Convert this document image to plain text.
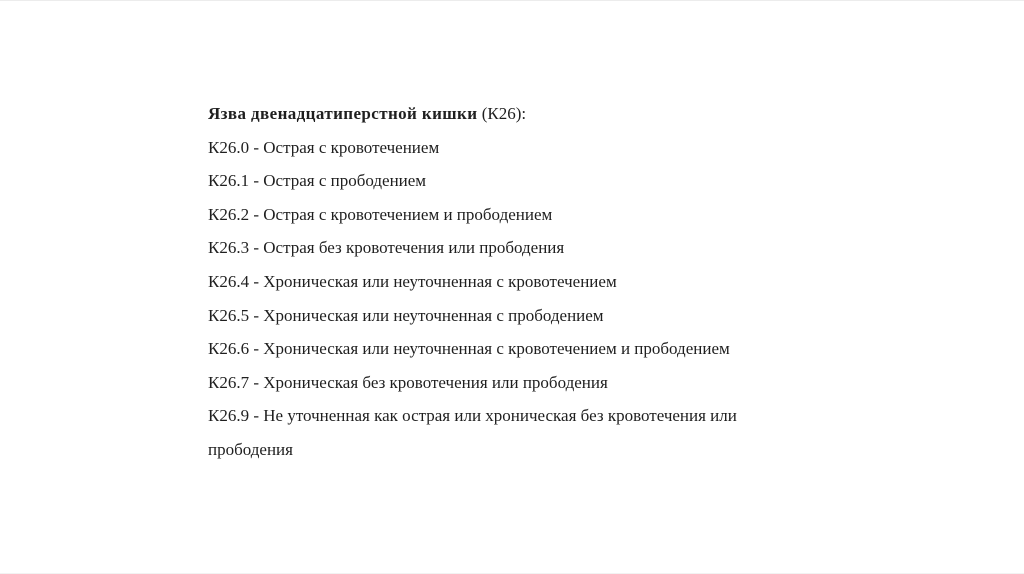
Язва двенадцатиперстной кишки (К26):

К26.0 - Острая с кровотечением

К26.1 - Острая с прободением

К26.2 - Острая с кровотечением и прободением

К26.3 - Острая без кровотечения или прободения

К26.4 - Хроническая или неуточненная с кровотечением

К26.5 - Хроническая или неуточненная с прободением

К26.6 - Хроническая или неуточненная с кровотечением и прободением

К26.7 - Хроническая без кровотечения или прободения

К26.9 - Не уточненная как острая или хроническая без кровотечения или

прободения
